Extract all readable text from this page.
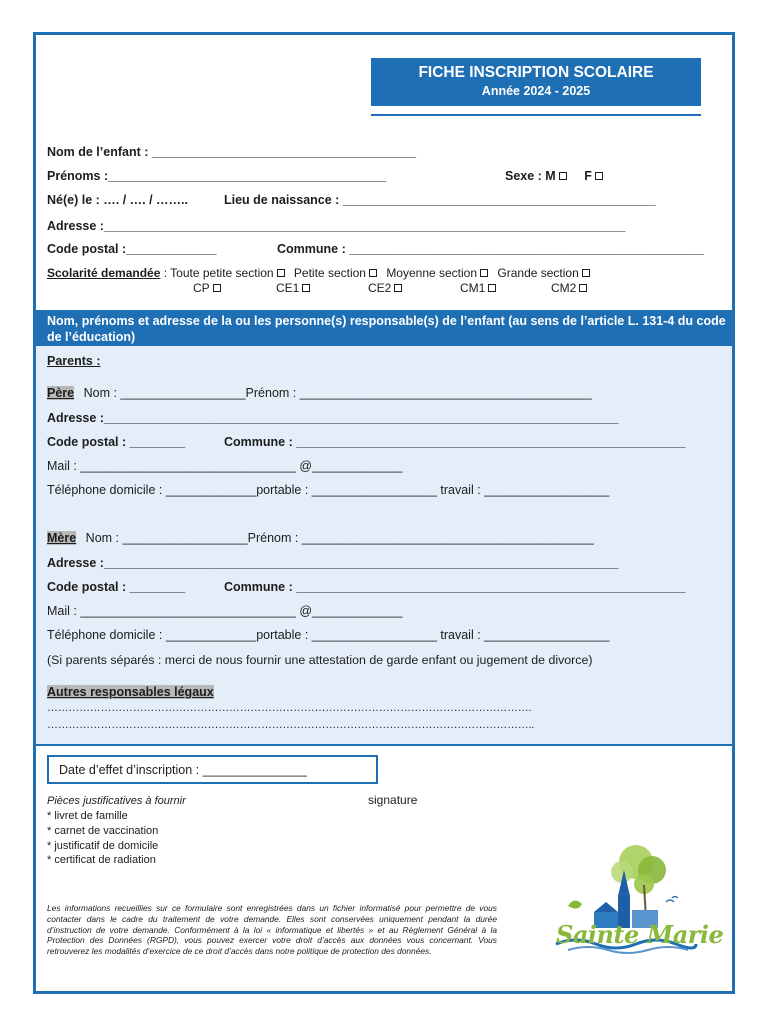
FICHE INSCRIPTION SCOLAIRE
Année 2024 - 2025
Nom de l’enfant : ______________________________________
Prénoms :________________________________________	Sexe : M F
Né(e) le : …. / …. / ……..	Lieu de naissance : _____________________________________________
Adresse :___________________________________________________________________________
Code postal :_____________	Commune : ___________________________________________________
Scolarité demandée : Toute petite section Petite section Moyenne section Grande section
CP	CE1	CE2	CM1	CM2
Nom, prénoms et adresse de la ou les personne(s) responsable(s) de l’enfant (au sens de l’article L. 131-4 du code de l’éducation)
Parents :
Père Nom : __________________Prénom : __________________________________________
Adresse :__________________________________________________________________________
Code postal : ________	Commune : ________________________________________________________
Mail : _______________________________ @_____________
Téléphone domicile : _____________portable : __________________ travail : __________________
Mère Nom : __________________Prénom : __________________________________________
Adresse :__________________________________________________________________________
Code postal : ________	Commune : ________________________________________________________
Mail : _______________________________ @_____________
Téléphone domicile : _____________portable : __________________ travail : __________________
(Si parents séparés : merci de nous fournir une attestation de garde enfant ou jugement de divorce)
Autres responsables légaux
……………………………………………………………………………………………………………………….
………………………………………………………………………………………………………………………..
Date d’effet d’inscription : _______________
Pièces justificatives à fournir	signature
* livret de famille
* carnet de vaccination
* justificatif de domicile
* certificat de radiation
Les informations recueillies sur ce formulaire sont enregistrées dans un fichier informatisé pour permettre de vous contacter dans le cadre du traitement de votre demande. Elles sont conservées uniquement pendant la durée d’instruction de votre demande. Conformément à la loi « informatique et libertés » et au Règlement Général à la Protection des Données (RGPD), vous pouvez exercer votre droit d’accès aux données vous concernant. Vous retrouverez les modalités d’exercice de ce droit d’accès dans notre politique de protection des données.
Sainte Marie
